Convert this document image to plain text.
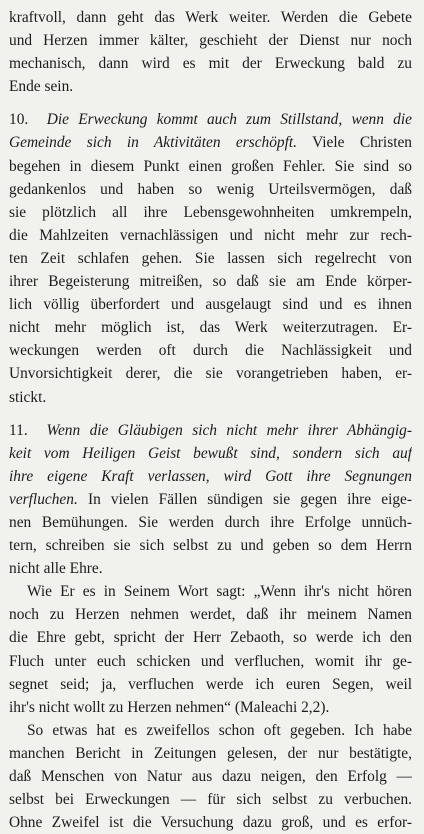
kraftvoll, dann geht das Werk weiter. Werden die Gebete
und Herzen immer kälter, geschieht der Dienst nur noch
mechanisch, dann wird es mit der Erweckung bald zu
Ende sein.
10. Die Erweckung kommt auch zum Stillstand, wenn die
Gemeinde sich in Aktivitäten erschöpft. Viele Christen
begehen in diesem Punkt einen großen Fehler. Sie sind so
gedankenlos und haben so wenig Urteilsvermögen, daß
sie plötzlich all ihre Lebensgewohnheiten umkrempeln,
die Mahlzeiten vernachlässigen und nicht mehr zur rech-
ten Zeit schlafen gehen. Sie lassen sich regelrecht von
ihrer Begeisterung mitreißen, so daß sie am Ende körper-
lich völlig überfordert und ausgelaugt sind und es ihnen
nicht mehr möglich ist, das Werk weiterzutragen. Er-
weckungen werden oft durch die Nachlässigkeit und
Unvorsichtigkeit derer, die sie vorangetrieben haben, er-
stickt.
11. Wenn die Gläubigen sich nicht mehr ihrer Abhängig-
keit vom Heiligen Geist bewußt sind, sondern sich auf
ihre eigene Kraft verlassen, wird Gott ihre Segnungen
verfluchen. In vielen Fällen sündigen sie gegen ihre eige-
nen Bemühungen. Sie werden durch ihre Erfolge unnüch-
tern, schreiben sie sich selbst zu und geben so dem Herrn
nicht alle Ehre.
Wie Er es in Seinem Wort sagt: „Wenn ihr's nicht hören
noch zu Herzen nehmen werdet, daß ihr meinem Namen
die Ehre gebt, spricht der Herr Zebaoth, so werde ich den
Fluch unter euch schicken und verfluchen, womit ihr ge-
segnet seid; ja, verfluchen werde ich euren Segen, weil
ihr's nicht wollt zu Herzen nehmen“ (Maleachi 2,2).
So etwas hat es zweifellos schon oft gegeben. Ich habe
manchen Bericht in Zeitungen gelesen, der nur bestätigte,
daß Menschen von Natur aus dazu neigen, den Erfolg —
selbst bei Erweckungen — für sich selbst zu verbuchen.
Ohne Zweifel ist die Versuchung dazu groß, und es erfor-
